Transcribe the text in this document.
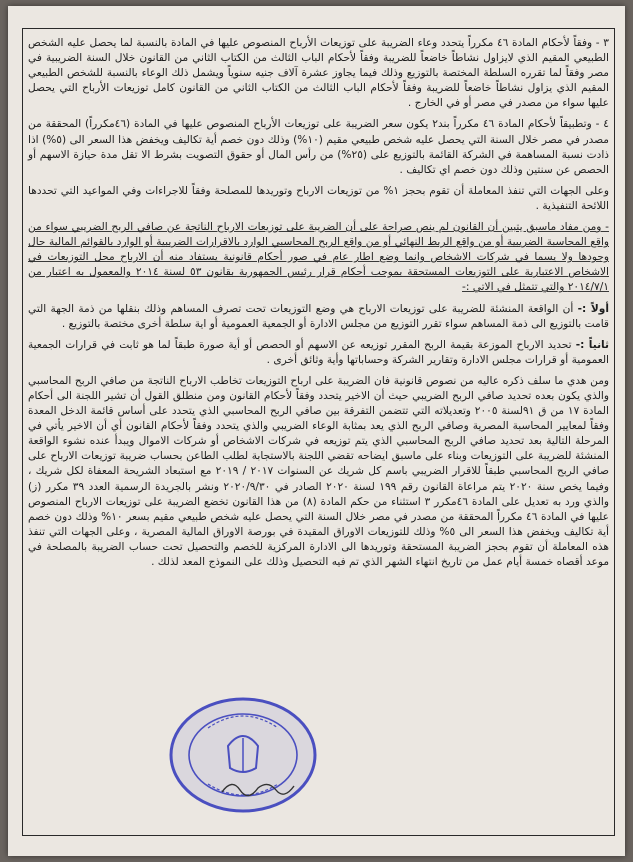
٣ - وفقاً لأحكام المادة ٤٦ مكرراً يتحدد وعاء الضريبة على توزيعات الأرباح المنصوص عليها في المادة بالنسبة لما يحصل عليه الشخص الطبيعي المقيم الذي لايزاول نشاطاً خاضعاً للضريبة وفقاً لأحكام الباب الثالث من الكتاب الثاني من القانون خلال السنة الضريبية في مصر وفقاً لما تقرره السلطة المختصة بالتوزيع وذلك فيما يجاوز عشرة آلاف جنيه سنوياً ويشمل ذلك الوعاء بالنسبة للشخص الطبيعي المقيم الذي يزاول نشاطاً خاضعاً للضريبة وفقاً لأحكام الباب الثالث من الكتاب الثاني من القانون كامل توزيعات الأرباح التي يحصل عليها سواء من مصدر في مصر أو في الخارج .

٤ - وتطبيقاً لأحكام المادة ٤٦ مكرراً بند٢ يكون سعر الضريبة على توزيعات الأرباح المنصوص عليها في المادة (٤٦مكرراً) المحققة من مصدر في مصر خلال السنة التي يحصل عليه شخص طبيعي مقيم (١٠%) وذلك دون خصم أية تكاليف ويخفض هذا السعر الى (٥%) اذا ذادت نسبة المساهمة في الشركة القائمة بالتوزيع على (٢٥%) من رأس المال أو حقوق التصويت بشرط الا تقل مدة حيازة الاسهم أو الحصص عن سنتين وذلك دون خصم اي تكاليف .

وعلى الجهات التي تنفذ المعاملة أن تقوم بحجز ١% من توزيعات الارباح وتوريدها للمصلحة وفقاً للاجراءات وفي المواعيد التي تحددها اللائحة التنفيذية .

- ومن مفاد ماسبق يتبين أن القانون لم ينص صراحة على أن الضريبة على توزيعات الارباح الناتجة عن صافي الربح الضريبي سواء من واقع المحاسبة الضريبية أو من واقع الربط النهائي أو من واقع الربح المحاسبي الوارد بالاقرارات الضريبية أو الوارد بالقوائم المالية حال وجودها ولا يسما في شركات الاشخاص وانما وضع اطار عام في صور أحكام قانونية يستفاد منه أن الارباح محل التوزيعات في الاشخاص الاعتبارية على التوزيعات المستحقة بموجب أحكام قرار رئيس الجمهورية بقانون ٥٣ لسنة ٢٠١٤ والمعمول به اعتبار من ٢٠١٤/٧/١ والتي تتمثل في الاتي :-

أولاً :- أن الواقعة المنشئة للضريبة على توزيعات الارباح هي وضع التوزيعات تحت تصرف المساهم وذلك بنقلها من ذمة الجهة التي قامت بالتوزيع الى ذمة المساهم سواء تقرر التوزيع من مجلس الادارة أو الجمعية العمومية أو اية سلطة أخرى مختصة بالتوزيع .

ثانياً :- تحديد الارباح الموزعة بقيمة الربح المقرر توزيعه عن الاسهم أو الحصص أو أية صورة طبقاً لما هو ثابت في قرارات الجمعية العمومية أو قرارات مجلس الادارة وتقارير الشركة وحساباتها وأية وثائق أخرى .

ومن هدي ما سلف ذكره عاليه من نصوص قانونية فان الضريبة على ارباح التوزيعات تخاطب الارباح الناتجة من صافي الربح المحاسبي والذي يكون بعده تحديد صافي الربح الضريبي حيث أن الاخير يتحدد وفقاً لأحكام القانون ومن منطلق القول أن تشير اللجنة الى أحكام المادة ١٧ من ق ٩١لسنة ٢٠٠٥ وتعديلاته التي تتضمن التفرقة بين صافي الربح المحاسبي الذي يتحدد على أساس قائمة الدخل المعدة وفقاً لمعايير المحاسبة المصرية وصافي الربح الذي يعد بمثابة الوعاء الضريبي والذي يتحدد وفقاً لأحكام القانون أي أن الاخير يأتي في المرحلة التالية بعد تحديد صافي الربح المحاسبي الذي يتم توزيعه في شركات الاشخاص أو شركات الاموال ويبدأ عنده نشوء الواقعة المنشئة للضريبة على التوزيعات وبناء على ماسبق ايضاحه تقضي اللجنة بالاستجابة لطلب الطاعن بحساب ضريبة توزيعات الارباح على صافي الربح المحاسبي طبقاً للاقرار الضريبي باسم كل شريك عن السنوات ٢٠١٧ / ٢٠١٩ مع استبعاد الشريحة المعفاة لكل شريك ، وفيما يخص سنة ٢٠٢٠ يتم مراعاة القانون رقم ١٩٩ لسنة ٢٠٢٠ الصادر في ٢٠٢٠/٩/٣٠ ونشر بالجريدة الرسمية العدد ٣٩ مكرر (ز) والذي ورد به تعديل على المادة ٤٦مكرر ٣ استثناء من حكم المادة (٨) من هذا القانون تخضع الضريبة على توزيعات الارباح المنصوص عليها في المادة ٤٦ مكرراً المحققة من مصدر في مصر خلال السنة التي يحصل عليه شخص طبيعي مقيم بسعر ١٠% وذلك دون خصم أية تكاليف ويخفض هذا السعر الى ٥% وذلك للتوزيعات الاوراق المقيدة في بورصة الاوراق المالية المصرية ، وعلى الجهات التي تنفذ هذه المعاملة أن تقوم بحجز الضريبة المستحقة وتوريدها الى الادارة المركزية للخصم والتحصيل تحت حساب الضريبة بالمصلحة في موعد أقصاه خمسة أيام عمل من تاريخ انتهاء الشهر الذي تم فيه التحصيل وذلك على النموذج المعد لذلك .
